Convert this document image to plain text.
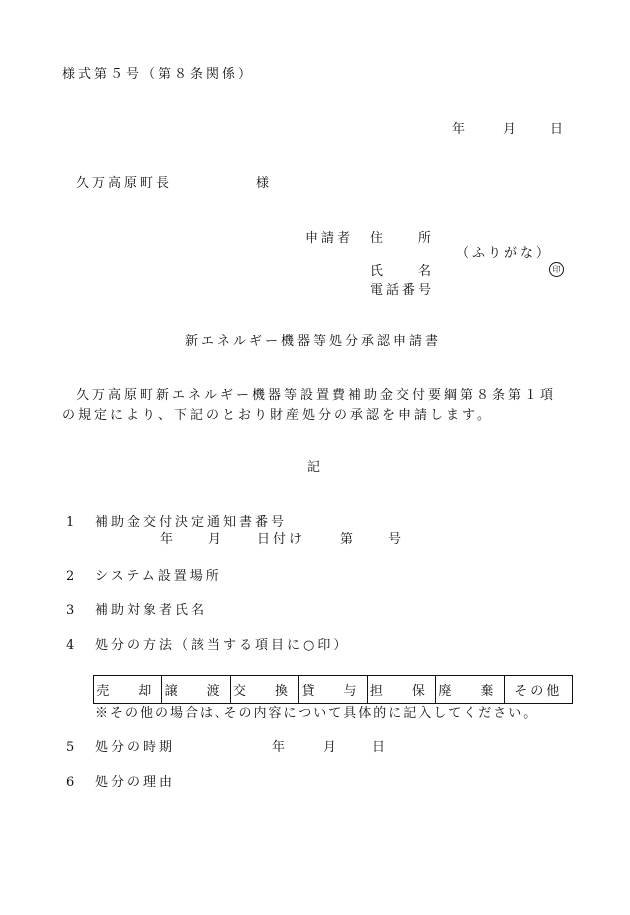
様式第５号（第８条関係）
年	月 日
久万高原町長	様
申請者 住　　所
（ふりがな）
氏　　名	印
電話番号
新エネルギー機器等処分承認申請書
久万高原町新エネルギー機器等設置費補助金交付要綱第８条第１項
の規定により、下記のとおり財産処分の承認を申請します。
記
1 補助金交付決定通知書番号
年 月	日付け	第 号
2 システム設置場所
3 補助対象者氏名
4 処分の方法（該当する項目に○印）
売　却	譲　渡	交　換	貸　与	担　保	廃　棄	その他
※その他の場合は､その内容について具体的に記入してください。
5 処分の時期	年	月	日
6 処分の理由
